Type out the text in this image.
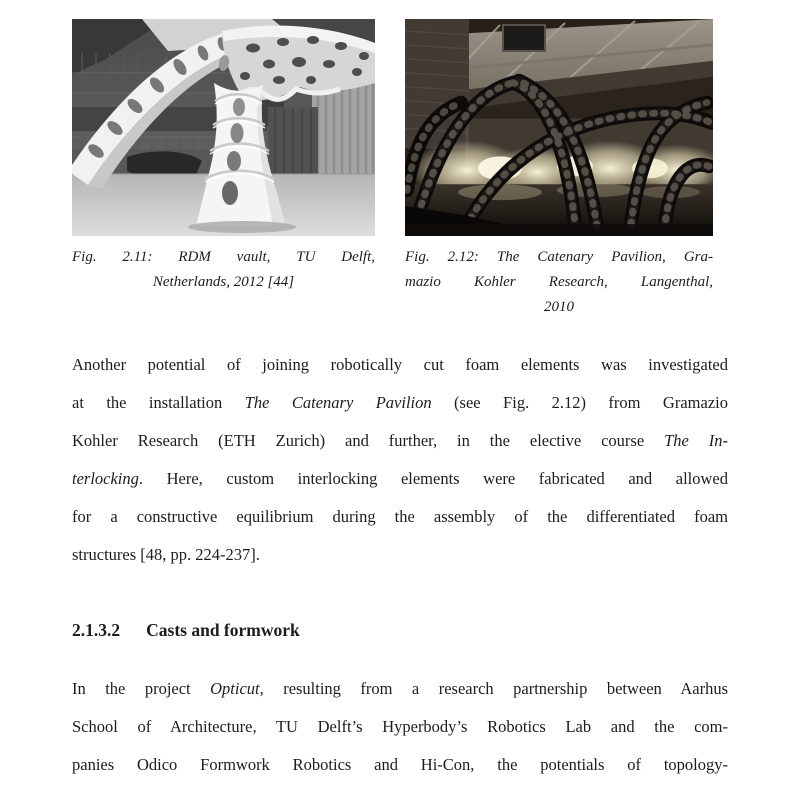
Fig. 2.11: RDM vault, TU Delft,
Netherlands, 2012 [44]
Fig. 2.12: The Catenary Pavilion, Gra-
mazio Kohler Research, Langenthal,
2010
Another potential of joining robotically cut foam elements was investigated
at the installation The Catenary Pavilion (see Fig. 2.12) from Gramazio
Kohler Research (ETH Zurich) and further, in the elective course The In-
terlocking. Here, custom interlocking elements were fabricated and allowed
for a constructive equilibrium during the assembly of the differentiated foam
structures [48, pp. 224-237].
2.1.3.2 Casts and formwork
In the project Opticut, resulting from a research partnership between Aarhus
School of Architecture, TU Delft’s Hyperbody’s Robotics Lab and the com-
panies Odico Formwork Robotics and Hi-Con, the potentials of topology-
